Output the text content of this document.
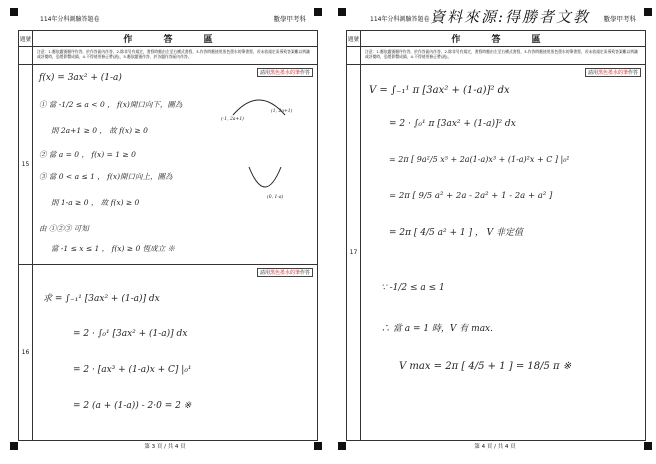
114年分科測驗答題卷	數學甲考科
題號	作 答 區
注意：1.應依題號順序作答，於作答區內作答，2.除非另有規定，書寫時應由左至右橫式書寫，3.作答時應使用黑色墨水的筆書寫，若未依規定而導致答案難以辨識或評閱時，恐將影響成績，4.不得使用修正帶(液)，5.應依題號作答，於各題作答區內作答。
15
請用黑色墨水的筆作答
f(x) = 3ax² + (1-a)
① 當 -1/2 ≤ a < 0 ， f(x)開口向下，圖為
(-1, 2a+1)
(1, 2a+1)
則 2a+1 ≥ 0 ， 故 f(x) ≥ 0
② 當 a = 0 ， f(x) = 1 ≥ 0
③ 當 0 < a ≤ 1 ， f(x)開口向上，圖為
(0, 1-a)
則 1-a ≥ 0 ， 故 f(x) ≥ 0
由 ①②③ 可知
當 -1 ≤ x ≤ 1 ， f(x) ≥ 0 恆成立 ※
16
請用黑色墨水的筆作答
求 = ∫₋₁¹ [3ax² + (1-a)] dx
= 2 · ∫₀¹ [3ax² + (1-a)] dx
= 2 · [ax³ + (1-a)x + C] |₀¹
= 2 (a + (1-a)) - 2·0 = 2 ※
第 3 頁 / 共 4 頁
114年分科測驗答題卷 資料來源:得勝者文教 數學甲考科
題號	作 答 區
注意：1.應依題號順序作答，於作答區內作答，2.除非另有規定，書寫時應由左至右橫式書寫，3.作答時應使用黑色墨水的筆書寫，若未依規定而導致答案難以辨識或評閱時，恐將影響成績，4.不得使用修正帶(液)。
17
請用黑色墨水的筆作答
V = ∫₋₁¹ π [3ax² + (1-a)]² dx
= 2 · ∫₀¹ π [3ax² + (1-a)]² dx
= 2π [ 9a²/5 x⁵ + 2a(1-a)x³ + (1-a)²x + C ] |₀¹
= 2π [ 9/5 a² + 2a - 2a² + 1 - 2a + a² ]
= 2π [ 4/5 a² + 1 ] ， V 非定值
∵ -1/2 ≤ a ≤ 1
∴ 當 a = 1 時，V 有 max.
V max = 2π [ 4/5 + 1 ] = 18/5 π ※
第 4 頁 / 共 4 頁
